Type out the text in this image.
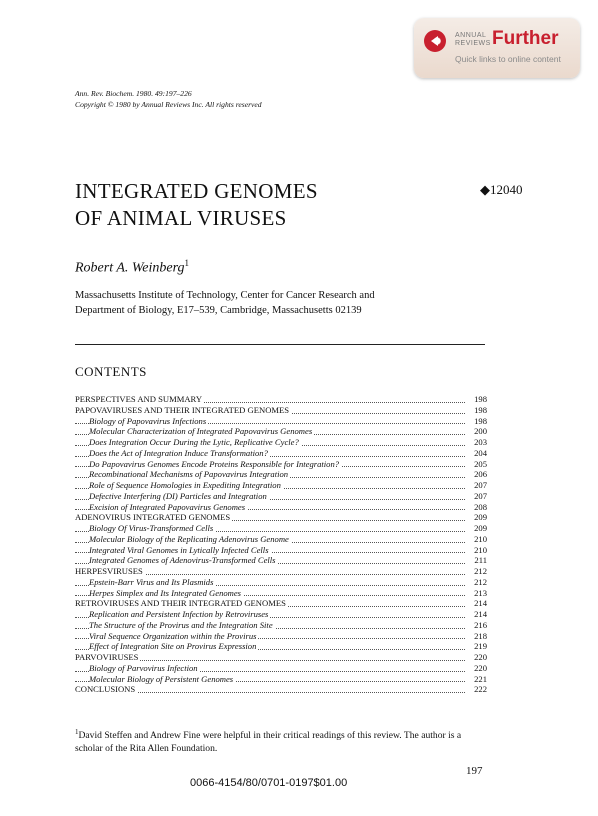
ANNUAL
REVIEWS Further
Quick links to online content
Ann. Rev. Biochem. 1980. 49:197–226
Copyright © 1980 by Annual Reviews Inc. All rights reserved
INTEGRATED GENOMES
OF ANIMAL VIRUSES
◆12040
Robert A. Weinberg$^1$
Massachusetts Institute of Technology, Center for Cancer Research and
Department of Biology, E17–539, Cambridge, Massachusetts 02139
CONTENTS
PERSPECTIVES AND SUMMARY	198
PAPOVAVIRUSES AND THEIR INTEGRATED GENOMES	198
Biology of Papovavirus Infections	198
Molecular Characterization of Integrated Papovavirus Genomes	200
Does Integration Occur During the Lytic, Replicative Cycle?	203
Does the Act of Integration Induce Transformation?	204
Do Papovavirus Genomes Encode Proteins Responsible for Integration?	205
Recombinational Mechanisms of Papovavirus Integration	206
Role of Sequence Homologies in Expediting Integration	207
Defective Interfering (DI) Particles and Integration	207
Excision of Integrated Papovavirus Genomes	208
ADENOVIRUS INTEGRATED GENOMES	209
Biology Of Virus-Transformed Cells	209
Molecular Biology of the Replicating Adenovirus Genome	210
Integrated Viral Genomes in Lytically Infected Cells	210
Integrated Genomes of Adenovirus-Transformed Cells	211
HERPESVIRUSES	212
Epstein-Barr Virus and Its Plasmids	212
Herpes Simplex and Its Integrated Genomes	213
RETROVIRUSES AND THEIR INTEGRATED GENOMES	214
Replication and Persistent Infection by Retroviruses	214
The Structure of the Provirus and the Integration Site	216
Viral Sequence Organization within the Provirus	218
Effect of Integration Site on Provirus Expression	219
PARVOVIRUSES	220
Biology of Parvovirus Infection	220
Molecular Biology of Persistent Genomes	221
CONCLUSIONS	222
$^1$David Steffen and Andrew Fine were helpful in their critical readings of this review. The author is a scholar of the Rita Allen Foundation.
197
0066-4154/80/0701-0197$01.00
